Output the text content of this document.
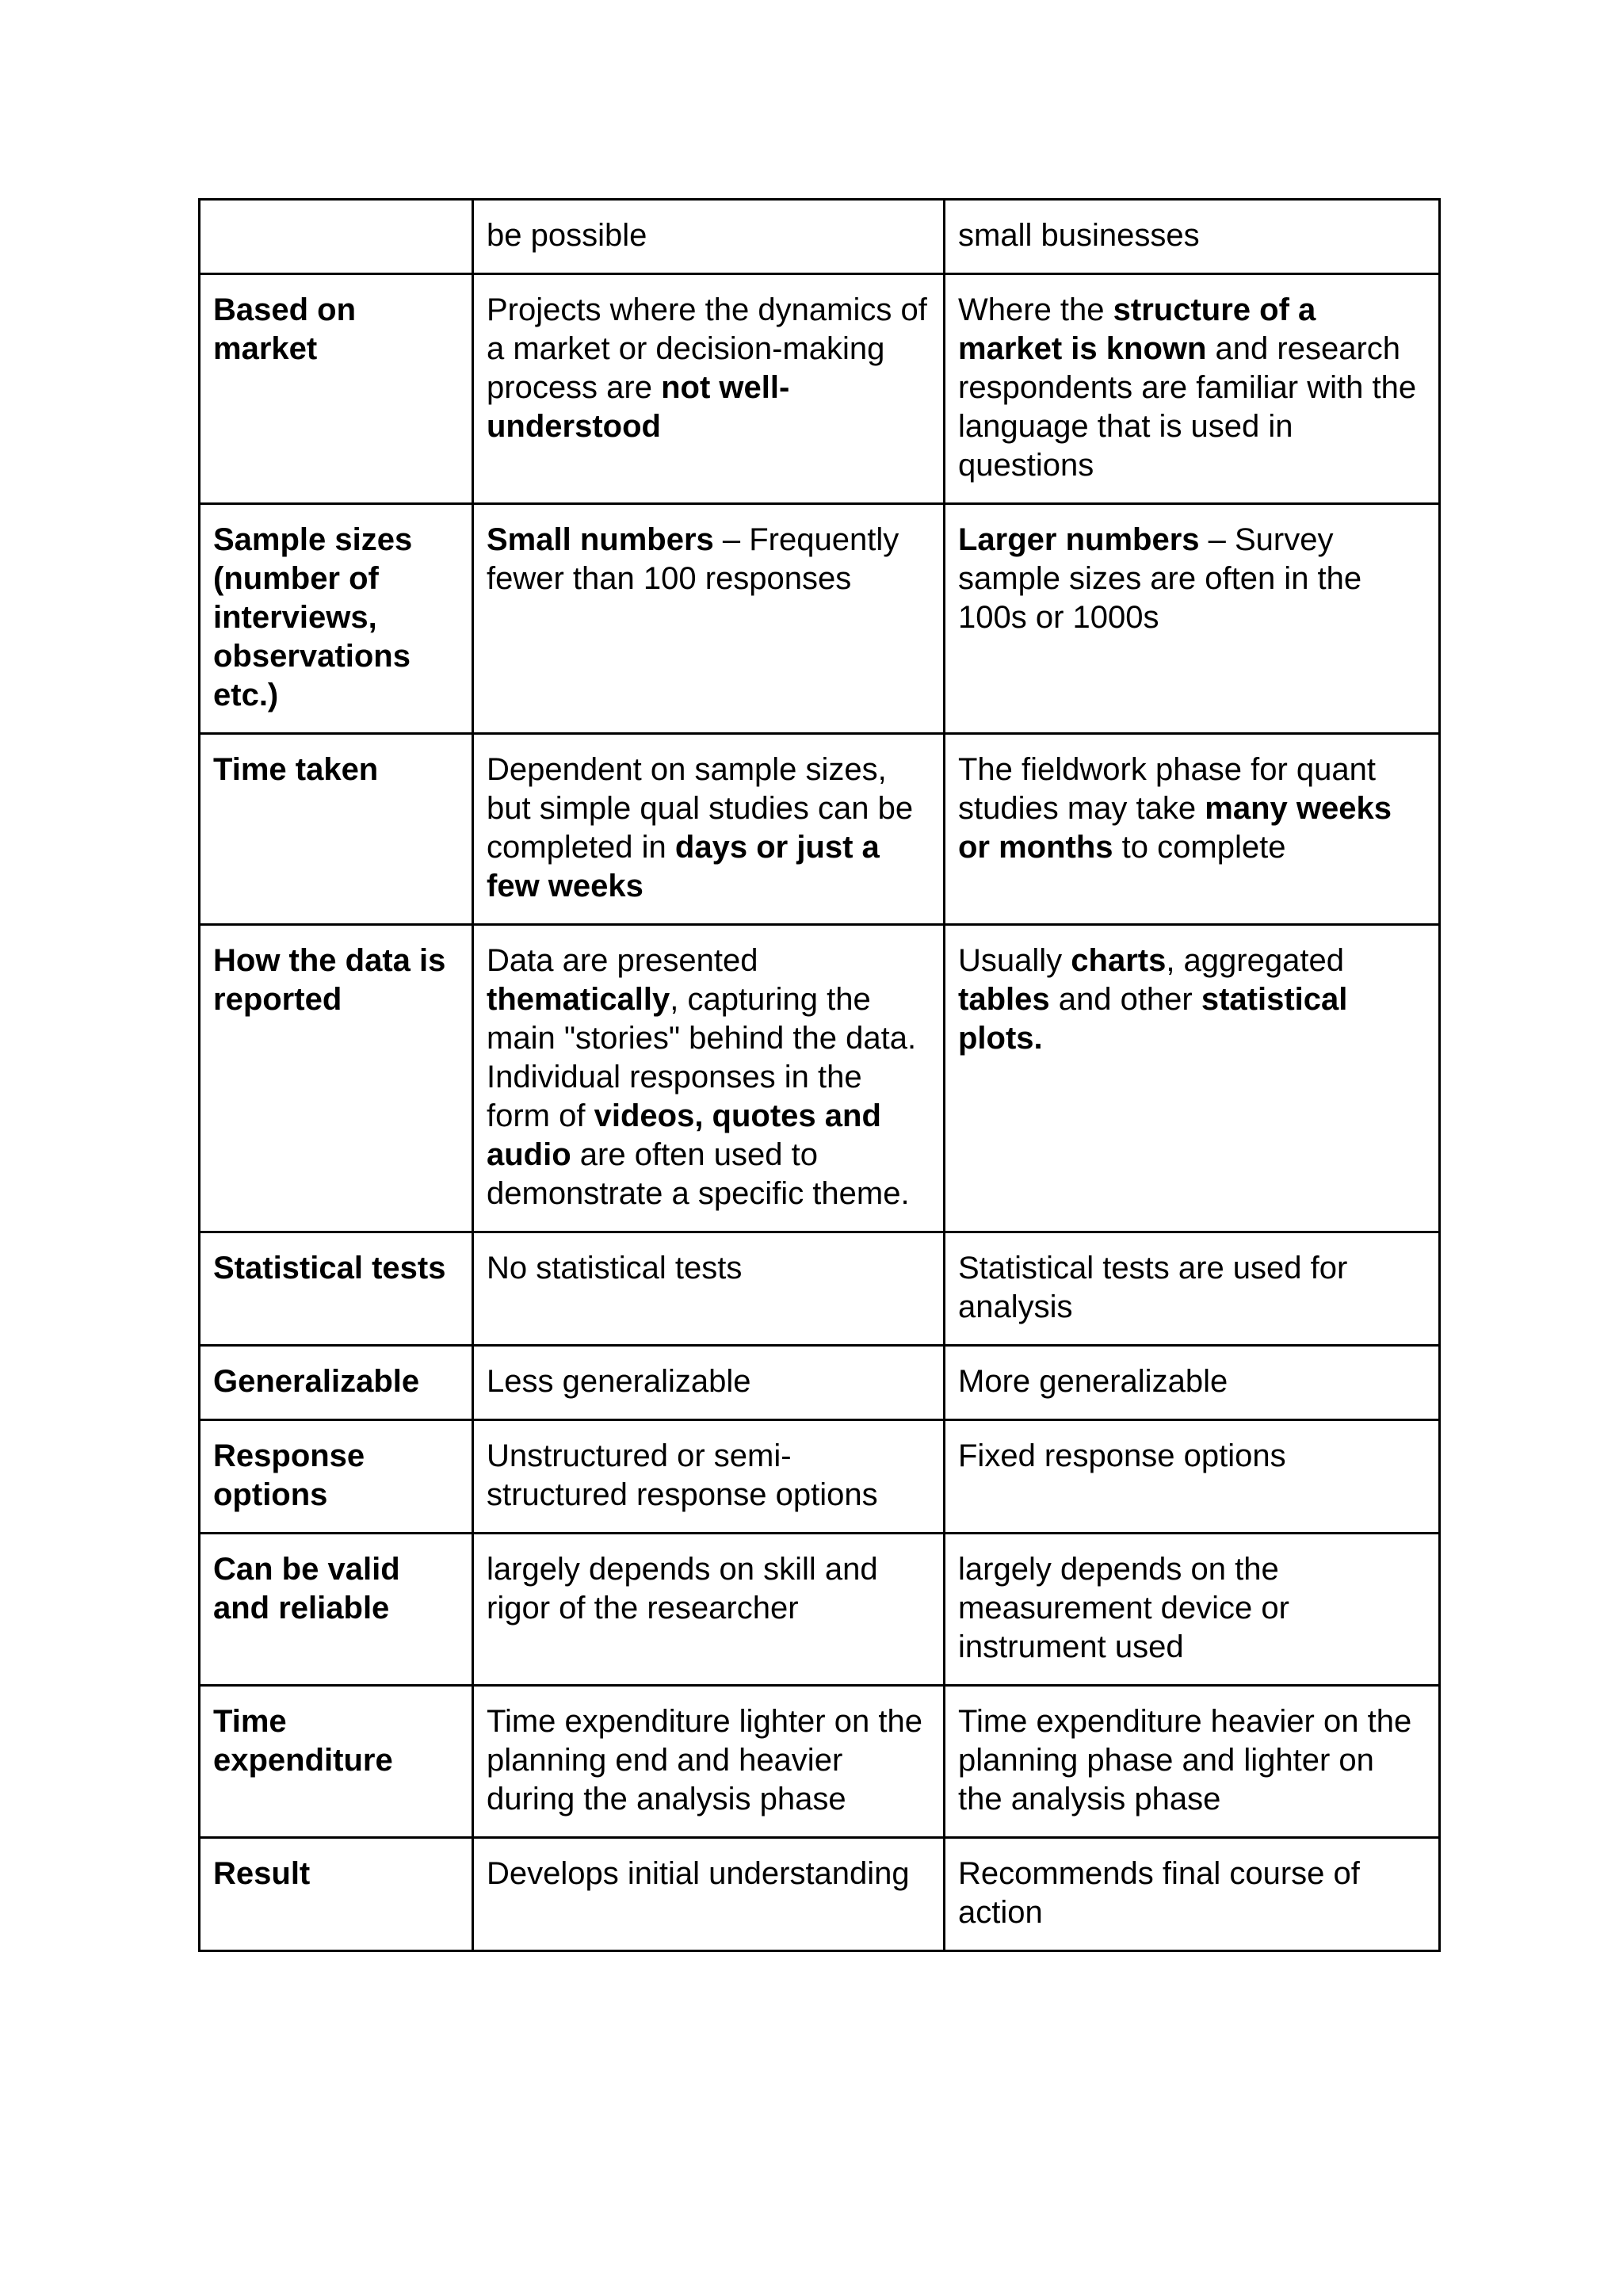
	be possible	small businesses
Based on market	Projects where the dynamics of a market or decision-making process are not well-understood	Where the structure of a market is known and research respondents are familiar with the language that is used in questions
Sample sizes (number of interviews, observations etc.)	Small numbers – Frequently fewer than 100 responses	Larger numbers – Survey sample sizes are often in the 100s or 1000s
Time taken	Dependent on sample sizes, but simple qual studies can be completed in days or just a few weeks	The fieldwork phase for quant studies may take many weeks or months to complete
How the data is reported	Data are presented thematically, capturing the main "stories" behind the data. Individual responses in the form of videos, quotes and audio are often used to demonstrate a specific theme.	Usually charts, aggregated tables and other statistical plots.
Statistical tests	No statistical tests	Statistical tests are used for analysis
Generalizable	Less generalizable	More generalizable
Response options	Unstructured or semi-structured response options	Fixed response options
Can be valid and reliable	largely depends on skill and rigor of the researcher	largely depends on the measurement device or instrument used
Time expenditure	Time expenditure lighter on the planning end and heavier during the analysis phase	Time expenditure heavier on the planning phase and lighter on the analysis phase
Result	Develops initial understanding	Recommends final course of action
